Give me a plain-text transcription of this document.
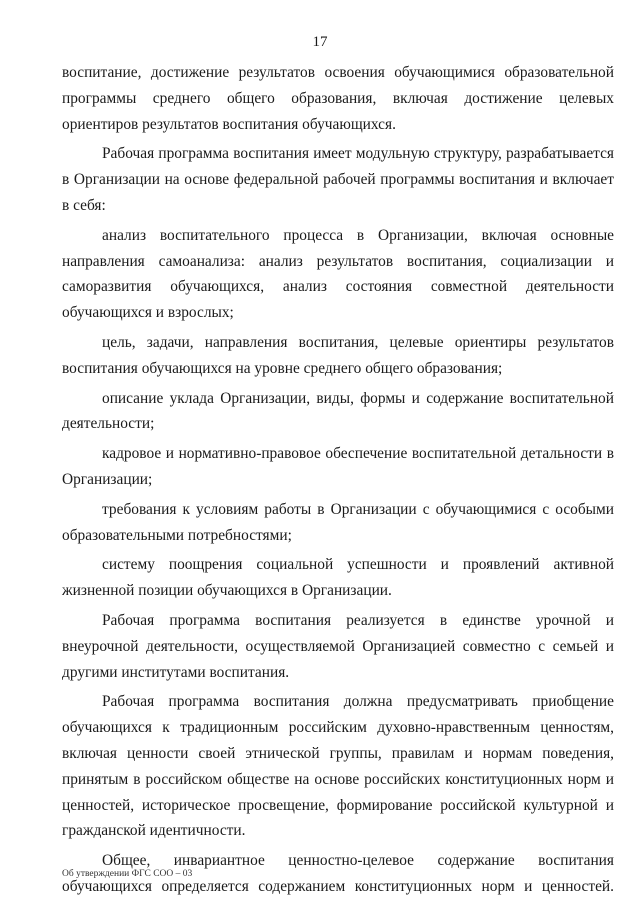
17

воспитание, достижение результатов освоения обучающимися образовательной программы среднего общего образования, включая достижение целевых ориентиров результатов воспитания обучающихся.

Рабочая программа воспитания имеет модульную структуру, разрабатывается в Организации на основе федеральной рабочей программы воспитания и включает в себя:

анализ воспитательного процесса в Организации, включая основные направления самоанализа: анализ результатов воспитания, социализации и саморазвития обучающихся, анализ состояния совместной деятельности обучающихся и взрослых;

цель, задачи, направления воспитания, целевые ориентиры результатов воспитания обучающихся на уровне среднего общего образования;

описание уклада Организации, виды, формы и содержание воспитательной деятельности;

кадровое и нормативно-правовое обеспечение воспитательной детальности в Организации;

требования к условиям работы в Организации с обучающимися с особыми образовательными потребностями;

систему поощрения социальной успешности и проявлений активной жизненной позиции обучающихся в Организации.

Рабочая программа воспитания реализуется в единстве урочной и внеурочной деятельности, осуществляемой Организацией совместно с семьей и другими институтами воспитания.

Рабочая программа воспитания должна предусматривать приобщение обучающихся к традиционным российским духовно-нравственным ценностям, включая ценности своей этнической группы, правилам и нормам поведения, принятым в российском обществе на основе российских конституционных норм и ценностей, историческое просвещение, формирование российской культурной и гражданской идентичности.

Общее, инвариантное ценностно-целевое содержание воспитания обучающихся определяется содержанием конституционных норм и ценностей.

Об утверждении ФГС СОО – 03
